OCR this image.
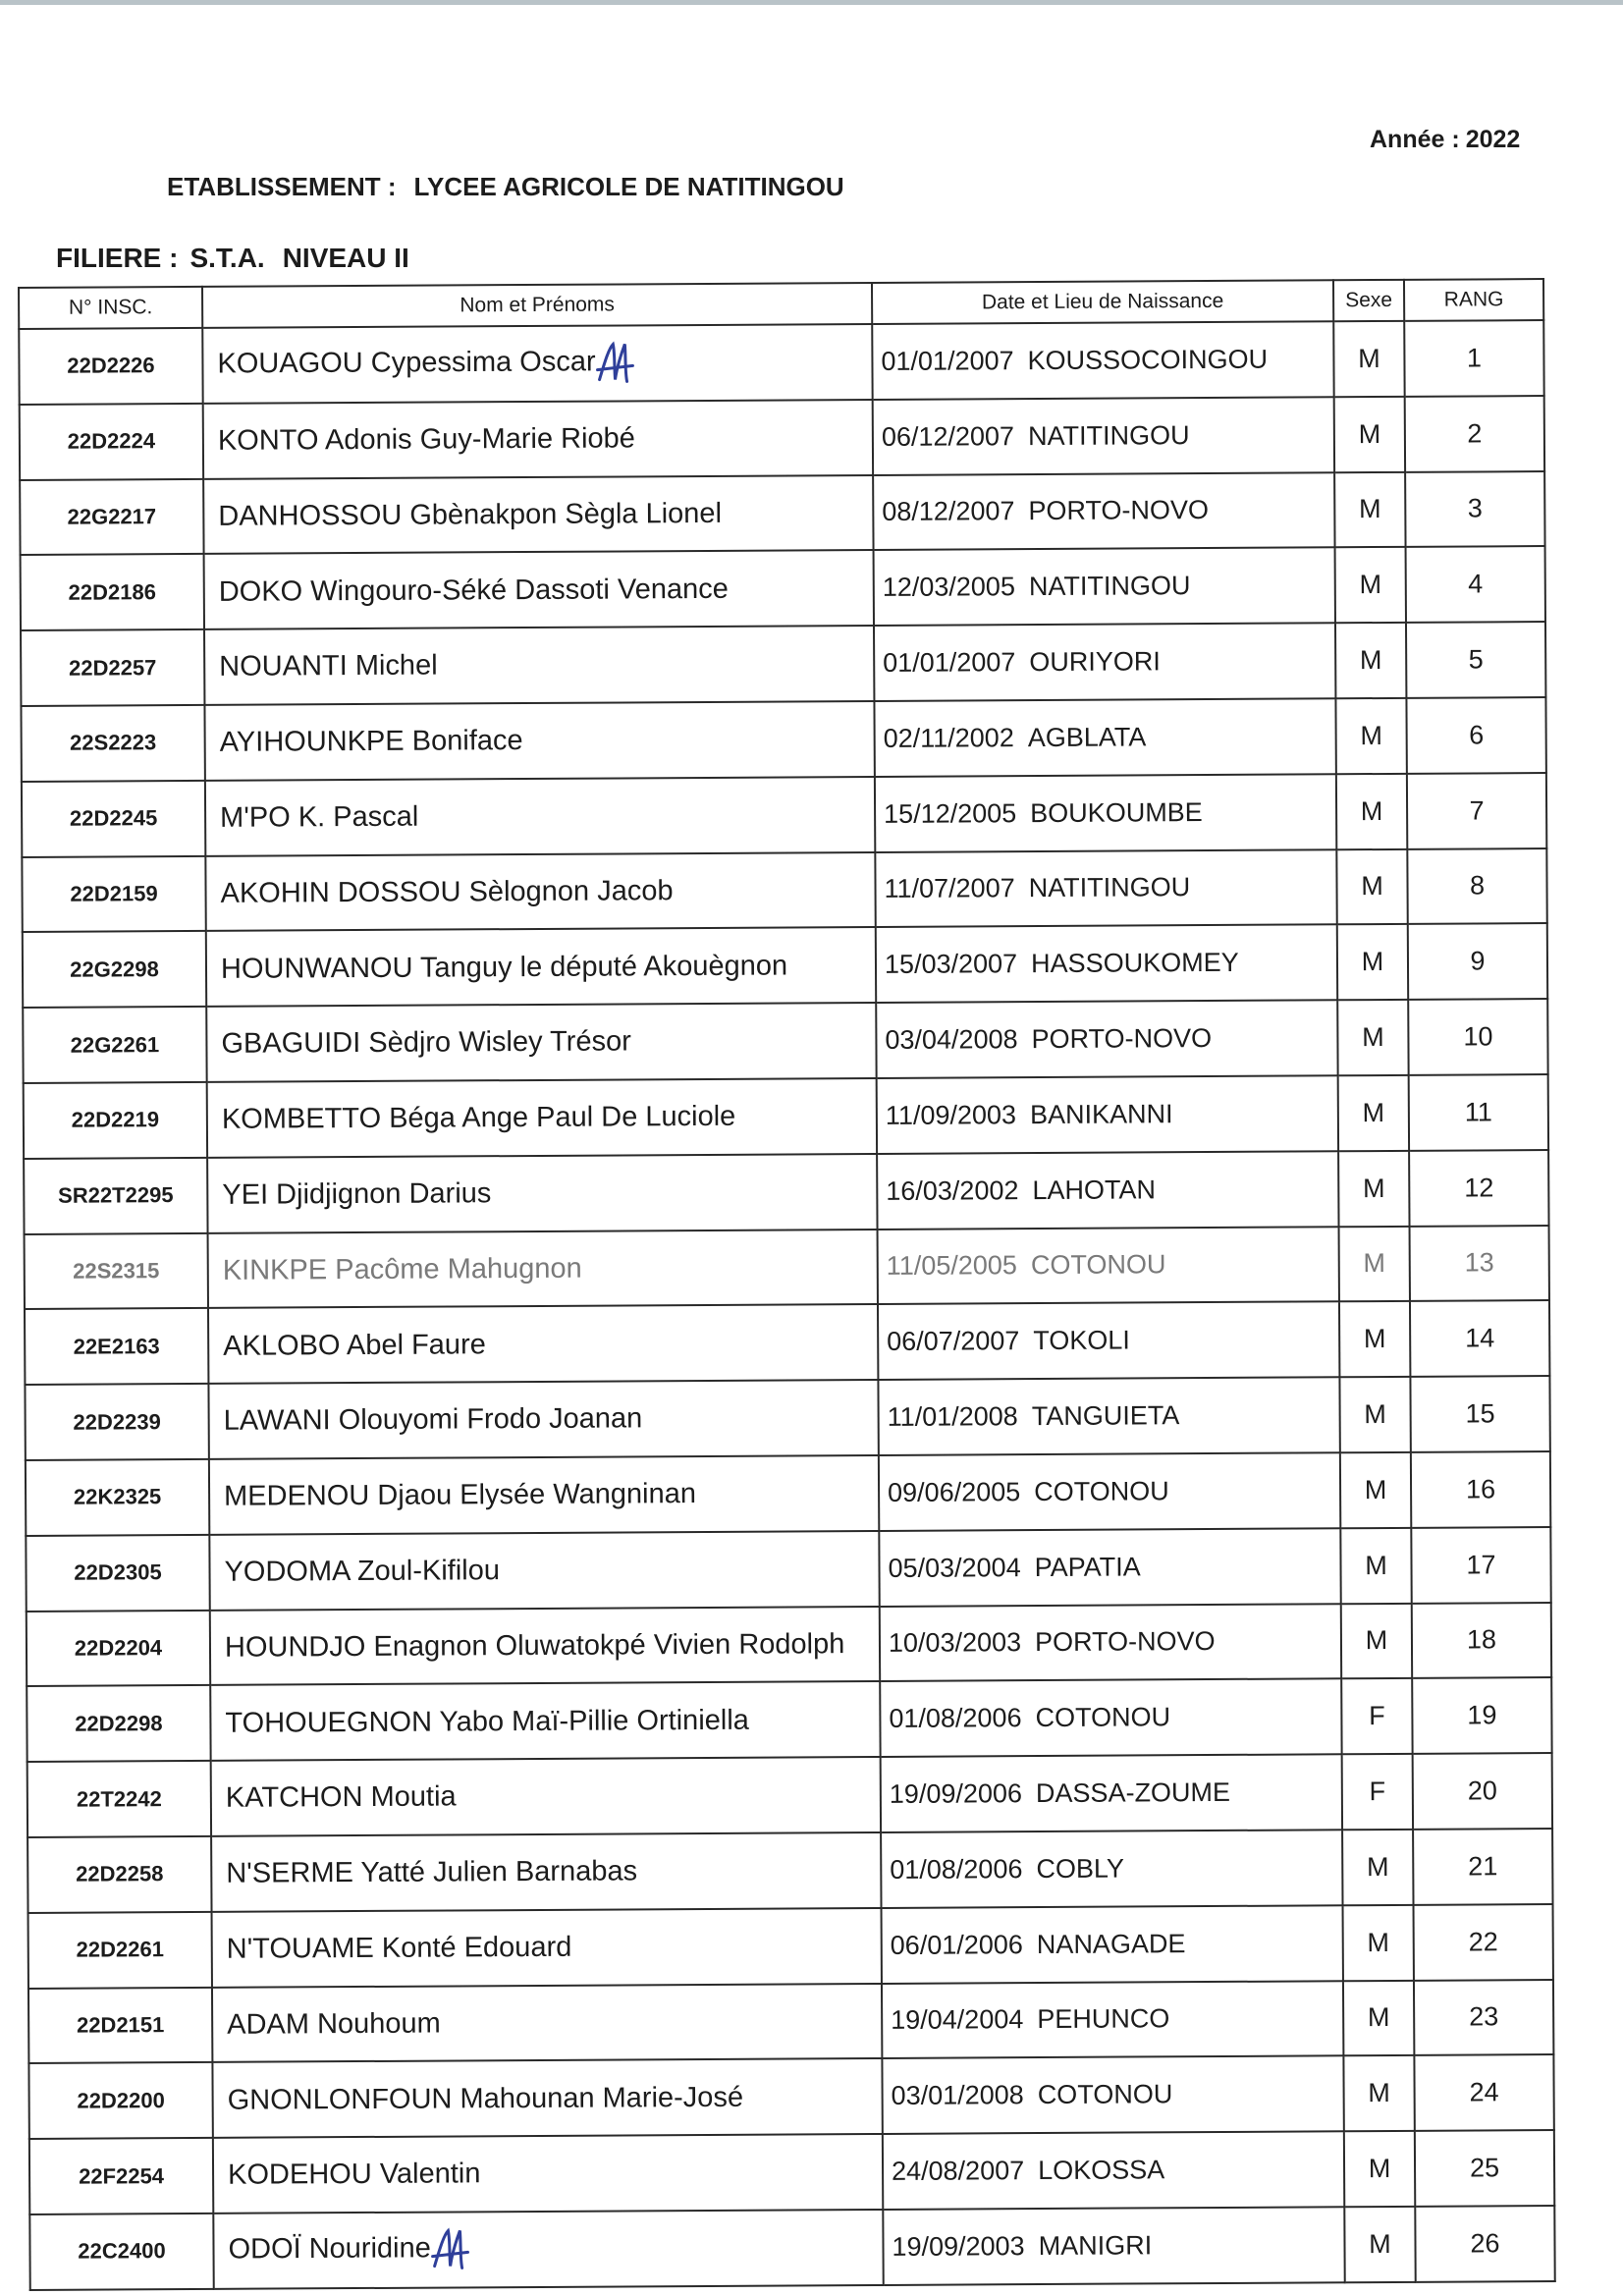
Année : 2022
ETABLISSEMENT : LYCEE AGRICOLE DE NATITINGOU
FILIERE : S.T.A. NIVEAU II
N° INSC.	Nom et Prénoms	Date et Lieu de Naissance	Sexe	RANG
22D2226	KOUAGOU Cypessima Oscar	01/01/2007 KOUSSOCOINGOU	M	1
22D2224	KONTO Adonis Guy-Marie Riobé	06/12/2007 NATITINGOU	M	2
22G2217	DANHOSSOU Gbènakpon Sègla Lionel	08/12/2007 PORTO-NOVO	M	3
22D2186	DOKO Wingouro-Séké Dassoti Venance	12/03/2005 NATITINGOU	M	4
22D2257	NOUANTI Michel	01/01/2007 OURIYORI	M	5
22S2223	AYIHOUNKPE Boniface	02/11/2002 AGBLATA	M	6
22D2245	M'PO K. Pascal	15/12/2005 BOUKOUMBE	M	7
22D2159	AKOHIN DOSSOU Sèlognon Jacob	11/07/2007 NATITINGOU	M	8
22G2298	HOUNWANOU Tanguy le député Akouègnon	15/03/2007 HASSOUKOMEY	M	9
22G2261	GBAGUIDI Sèdjro Wisley Trésor	03/04/2008 PORTO-NOVO	M	10
22D2219	KOMBETTO Béga Ange Paul De Luciole	11/09/2003 BANIKANNI	M	11
SR22T2295	YEI Djidjignon Darius	16/03/2002 LAHOTAN	M	12
22S2315	KINKPE Pacôme Mahugnon	11/05/2005 COTONOU	M	13
22E2163	AKLOBO Abel Faure	06/07/2007 TOKOLI	M	14
22D2239	LAWANI Olouyomi Frodo Joanan	11/01/2008 TANGUIETA	M	15
22K2325	MEDENOU Djaou Elysée Wangninan	09/06/2005 COTONOU	M	16
22D2305	YODOMA Zoul-Kifilou	05/03/2004 PAPATIA	M	17
22D2204	HOUNDJO Enagnon Oluwatokpé Vivien Rodolph	10/03/2003 PORTO-NOVO	M	18
22D2298	TOHOUEGNON Yabo Maï-Pillie Ortiniella	01/08/2006 COTONOU	F	19
22T2242	KATCHON Moutia	19/09/2006 DASSA-ZOUME	F	20
22D2258	N'SERME Yatté Julien Barnabas	01/08/2006 COBLY	M	21
22D2261	N'TOUAME Konté Edouard	06/01/2006 NANAGADE	M	22
22D2151	ADAM Nouhoum	19/04/2004 PEHUNCO	M	23
22D2200	GNONLONFOUN Mahounan Marie-José	03/01/2008 COTONOU	M	24
22F2254	KODEHOU Valentin	24/08/2007 LOKOSSA	M	25
22C2400	ODOÏ Nouridine	19/09/2003 MANIGRI	M	26
